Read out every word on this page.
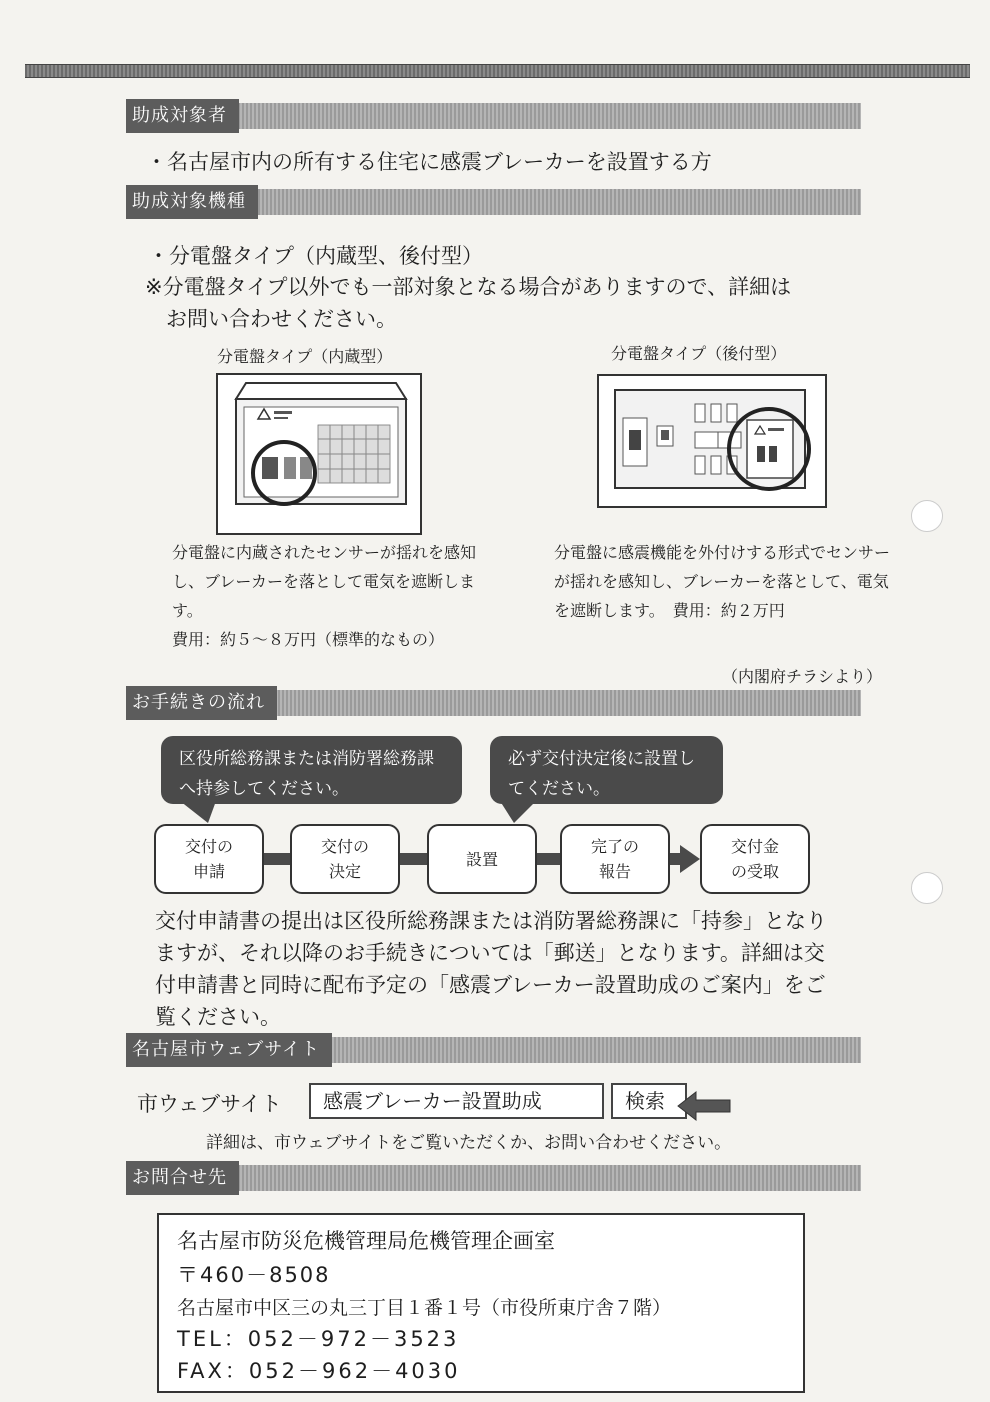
助成対象者
・名古屋市内の所有する住宅に感震ブレーカーを設置する方
助成対象機種
・分電盤タイプ（内蔵型、後付型）
※分電盤タイプ以外でも一部対象となる場合がありますので、詳細はお問い合わせください。
分電盤タイプ（内蔵型）	分電盤タイプ（後付型）
分電盤に内蔵されたセンサーが揺れを感知し、ブレーカーを落として電気を遮断します。
費用：約５～８万円（標準的なもの）
分電盤に感震機能を外付けする形式でセンサーが揺れを感知し、ブレーカーを落として、電気を遮断します。　費用：約２万円
（内閣府チラシより）
お手続きの流れ
区役所総務課または消防署総務課へ持参してください。
必ず交付決定後に設置してください。
交付の
申請
交付の
決定
設置
完了の
報告
交付金
の受取
交付申請書の提出は区役所総務課または消防署総務課に「持参」となりますが、それ以降のお手続きについては「郵送」となります。詳細は交付申請書と同時に配布予定の「感震ブレーカー設置助成のご案内」をご覧ください。
名古屋市ウェブサイト
市ウェブサイト	感震ブレーカー設置助成	検索
詳細は、市ウェブサイトをご覧いただくか、お問い合わせください。
お問合せ先
名古屋市防災危機管理局危機管理企画室
〒460－8508
名古屋市中区三の丸三丁目１番１号（市役所東庁舎７階）
TEL：052－972－3523
FAX：052－962－4030
